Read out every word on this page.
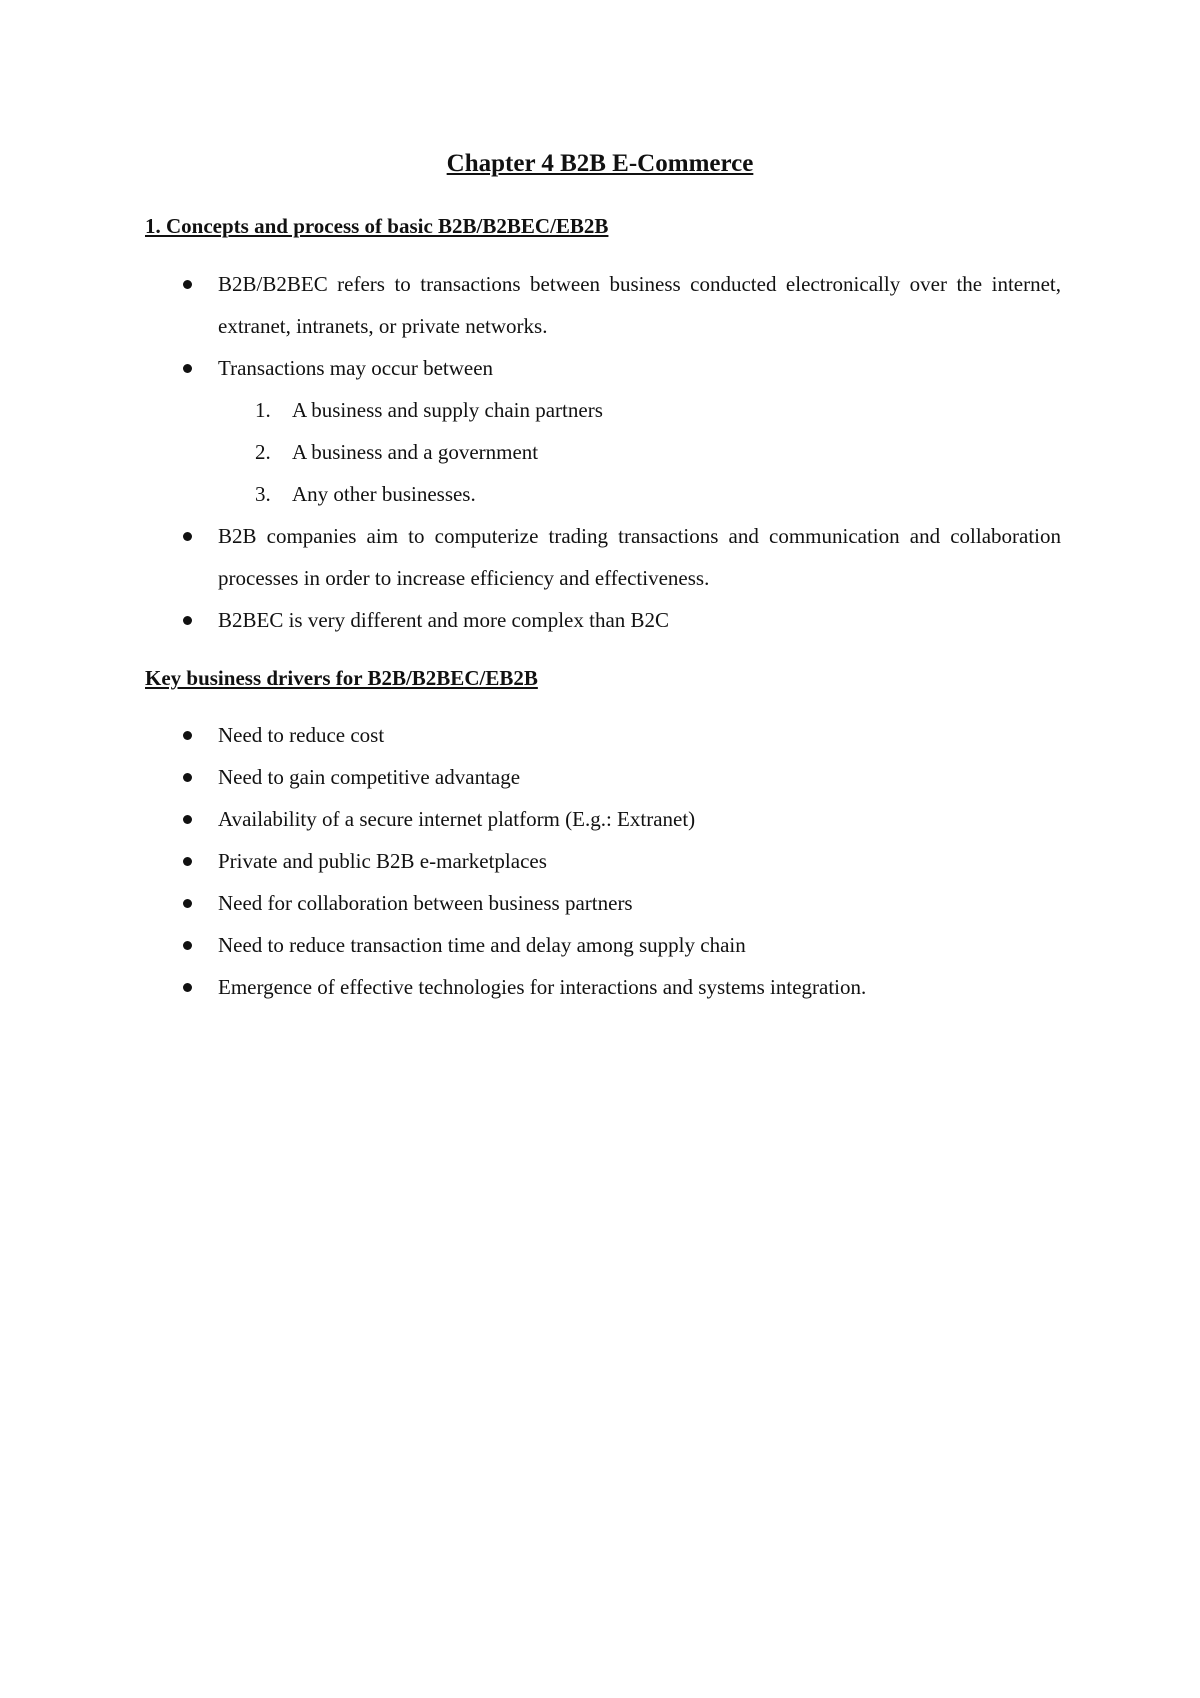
Chapter 4 B2B E-Commerce
1. Concepts and process of basic B2B/B2BEC/EB2B
B2B/B2BEC refers to transactions between business conducted electronically over the internet, extranet, intranets, or private networks.
Transactions may occur between
1. A business and supply chain partners
2. A business and a government
3. Any other businesses.
B2B companies aim to computerize trading transactions and communication and collaboration processes in order to increase efficiency and effectiveness.
B2BEC is very different and more complex than B2C
Key business drivers for B2B/B2BEC/EB2B
Need to reduce cost
Need to gain competitive advantage
Availability of a secure internet platform (E.g.: Extranet)
Private and public B2B e-marketplaces
Need for collaboration between business partners
Need to reduce transaction time and delay among supply chain
Emergence of effective technologies for interactions and systems integration.
